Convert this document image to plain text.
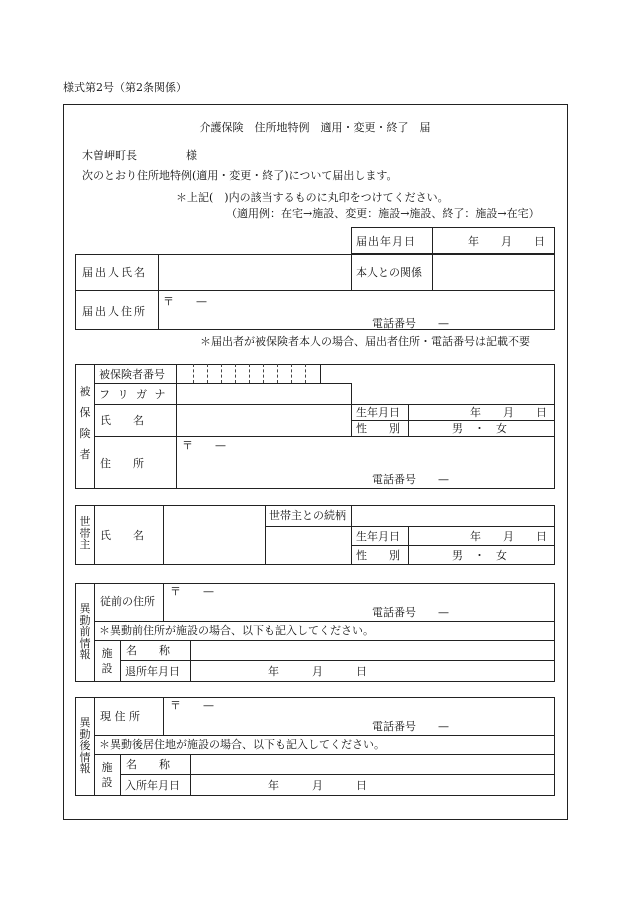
様式第2号（第2条関係）
介護保険　住所地特例　適用・変更・終了　届
木曽岬町長	様
次のとおり住所地特例(適用・変更・終了)について届出します。
＊上記(　)内の該当するものに丸印をつけてください。
（適用例：在宅→施設、変更：施設→施設、終了：施設→在宅）
届出年月日	年　　月　　日
届出人氏名	本人との関係
届出人住所
〒　　—
電話番号　　—
＊届出者が被保険者本人の場合、届出者住所・電話番号は記載不要
被保険者
被保険者番号
フ リ ガ ナ
氏　　名
生年月日	年　　月　　日
性　　別	男　・　女
住　　所
〒　　—
電話番号　　—
世帯主
氏　　名
世帯主との続柄
生年月日	年　　月　　日
性　　別	男　・　女
異動前情報
従前の住所
〒　　—
電話番号　　—
＊異動前住所が施設の場合、以下も記入してください。
施設
名　　称
退所年月日	年　　　月　　　日
異動後情報
現 住 所
〒　　—
電話番号　　—
＊異動後居住地が施設の場合、以下も記入してください。
施設
名　　称
入所年月日	年　　　月　　　日
